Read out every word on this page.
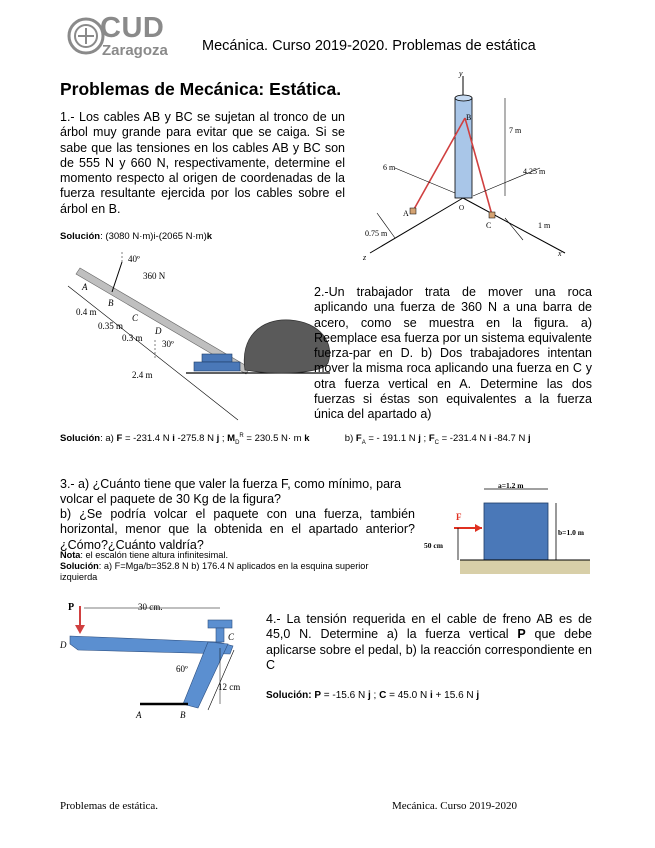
CUD
Zaragoza Mecánica. Curso 2019-2020. Problemas de estática
Problemas de Mecánica: Estática.
1.- Los cables AB y BC se sujetan al tronco de un árbol muy grande para evitar que se caiga. Si se sabe que las tensiones en los cables AB y BC son de 555 N y 660 N, respectivamente, determine el momento respecto al origen de coordenadas de la fuerza resultante ejercida por los cables sobre el árbol en B.
Solución: (3080 N·m)i-(2065 N·m)k
y
x
z
B
A
C
O
7 m
4.25 m
6 m
0.75 m
1 m
40º
360 N
A
B
C
D
0.4 m
0.35 m
0.3 m
30º
2.4 m
2.-Un trabajador trata de mover una roca aplicando una fuerza de 360 N a una barra de acero, como se muestra en la figura. a) Reemplace esa fuerza por un sistema equivalente fuerza-par en D. b) Dos trabajadores intentan mover la misma roca aplicando una fuerza en C y otra fuerza vertical en A. Determine las dos fuerzas si éstas son equivalentes a la fuerza única del apartado a)
Solución: a) F = -231.4 N i -275.8 N j ; $M_D^R = 230.5$ N· m k	b) $F_A$ = - 191.1 N j ; $F_C = -231.4$ N i -84.7 N j
3.- a) ¿Cuánto tiene que valer la fuerza F, como mínimo, para volcar el paquete de 30 Kg de la figura?
b) ¿Se podría volcar el paquete con una fuerza, también horizontal, menor que la obtenida en el apartado anterior? ¿Cómo?¿Cuánto valdría?
Nota: el escalón tiene altura infinitesimal.
Solución: a) F=Mga/b=352.8 N b) 176.4 N aplicados en la esquina superior izquierda
a=1.2 m
b=1.0 m
F
50 cm
P	30 cm.
C
D
60º
12 cm
A	B
4.- La tensión requerida en el cable de freno AB es de 45,0 N. Determine a) la fuerza vertical P que debe aplicarse sobre el pedal, b) la reacción correspondiente en C
Solución: P = -15.6 N j ; C = 45.0 N i + 15.6 N j
Problemas de estática.	Mecánica. Curso 2019-2020
